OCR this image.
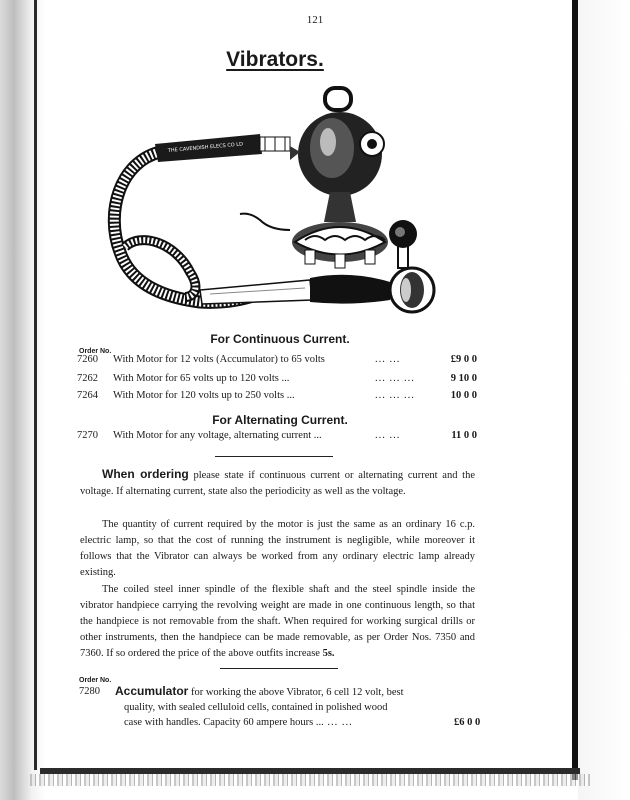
121
Vibrators.
THE CAVENDISH ELECS CO LD
For Continuous Current.
Order No.
7260 With Motor for 12 volts (Accumulator) to 65 volts	... ...	£9 0 0
7262 With Motor for 65 volts up to 120 volts ...	... ... ...	9 10 0
7264 With Motor for 120 volts up to 250 volts ...	... ... ...	10 0 0
For Alternating Current.
7270 With Motor for any voltage, alternating current ...	... ...	11 0 0

When ordering please state if continuous current or alternating current and the voltage. If alternating current, state also the periodicity as well as the voltage.

The quantity of current required by the motor is just the same as an ordinary 16 c.p. electric lamp, so that the cost of running the instrument is negligible, while moreover it follows that the Vibrator can always be worked from any ordinary electric lamp already existing.

The coiled steel inner spindle of the flexible shaft and the steel spindle inside the vibrator handpiece carrying the revolving weight are made in one continuous length, so that the handpiece is not removable from the shaft. When required for working surgical drills or other instruments, then the handpiece can be made removable, as per Order Nos. 7350 and 7360. If so ordered the price of the above outfits increase 5s.

Order No.
7280 Accumulator for working the above Vibrator, 6 cell 12 volt, best
quality, with sealed celluloid cells, contained in polished wood
case with handles. Capacity 60 ampere hours ... ... ...	£6 0 0
